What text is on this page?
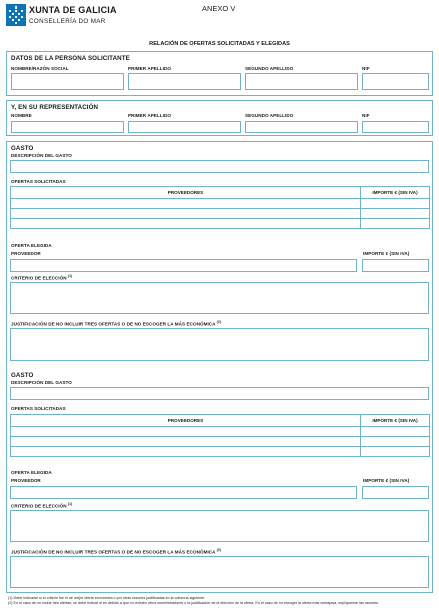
XUNTA DE GALICIA
CONSELLERÍA DO MAR
ANEXO V
RELACIÓN DE OFERTAS SOLICITADAS Y ELEGIDAS
DATOS DE LA PERSONA SOLICITANTE
NOMBRE/RAZÓN SOCIAL	PRIMER APELLIDO	SEGUNDO APELLIDO	NIF
Y, EN SU REPRESENTACIÓN
NOMBRE	PRIMER APELLIDO	SEGUNDO APELLIDO	NIF
GASTO
DESCRIPCIÓN DEL GASTO
OFERTAS SOLICITADAS
PROVEEDORES	IMPORTE € (SIN IVA)

OFERTA ELEGIDA
PROVEEDOR	IMPORTE € (SIN IVA)
CRITERIO DE ELECCIÓN $^{(1)}$
JUSTIFICACIÓN DE NO INCLUIR TRES OFERTAS O DE NO ESCOGER LA MÁS ECONÓMICA $^{(2)}$
GASTO
DESCRIPCIÓN DEL GASTO
OFERTAS SOLICITADAS
PROVEEDORES	IMPORTE € (SIN IVA)

OFERTA ELEGIDA
PROVEEDOR	IMPORTE € (SIN IVA)
CRITERIO DE ELECCIÓN $^{(1)}$
JUSTIFICACIÓN DE NO INCLUIR TRES OFERTAS O DE NO ESCOGER LA MÁS ECONÓMICA $^{(2)}$
(1) Debe indicarse si el criterio fue el de mejor oferta económica o por otras razones justificadas en la columna siguiente.
(2) En el caso de no incluir tres ofertas, se debe indicar si es debido a que no existen otros suministradores o la justificación de la elección de la oferta. En el caso de no escoger la oferta más ventajosa, explíquense las razones.
